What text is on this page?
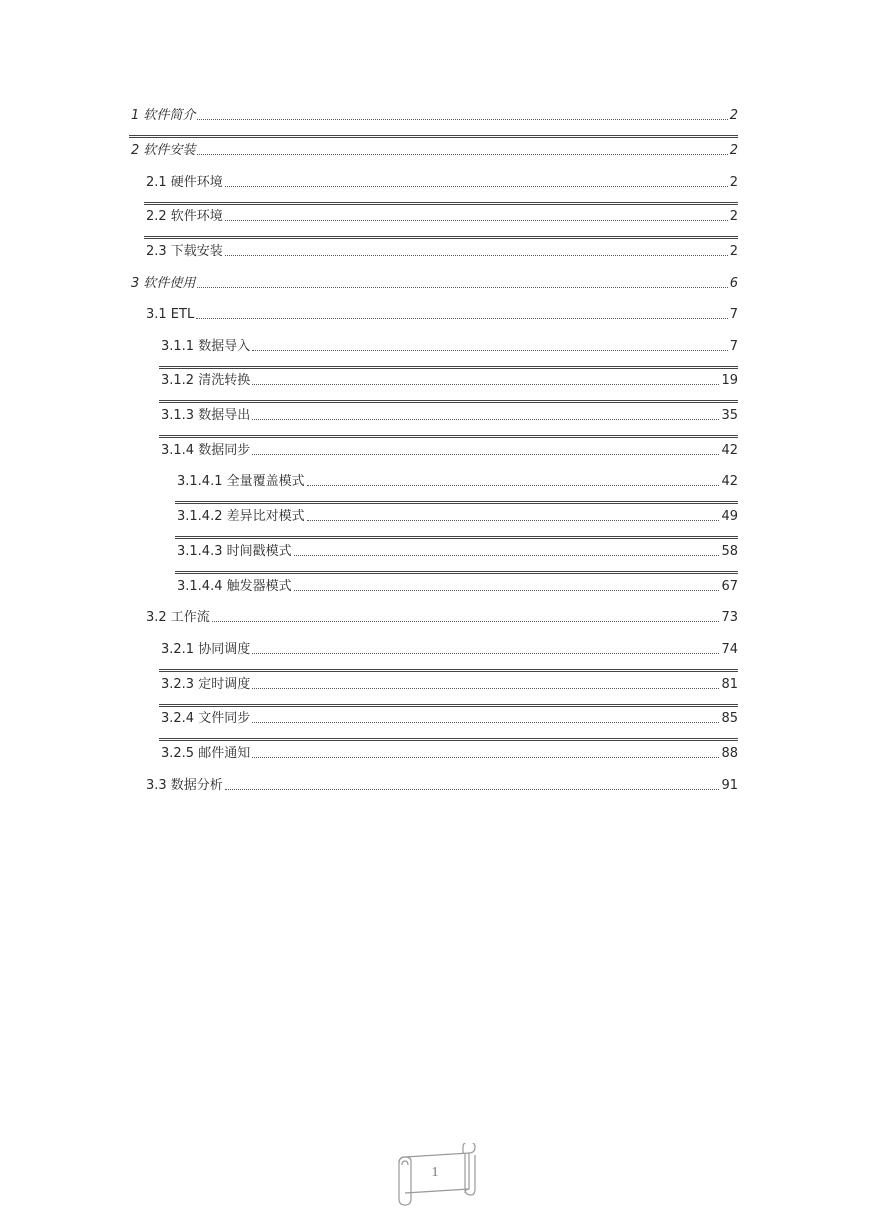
1 软件简介	2
2 软件安装	2
2.1 硬件环境	2
2.2 软件环境	2
2.3 下载安装	2
3 软件使用	6
3.1 ETL	7
3.1.1 数据导入	7
3.1.2 清洗转换	19
3.1.3 数据导出	35
3.1.4 数据同步	42
3.1.4.1 全量覆盖模式	42
3.1.4.2 差异比对模式	49
3.1.4.3 时间戳模式	58
3.1.4.4 触发器模式	67
3.2 工作流	73
3.2.1 协同调度	74
3.2.3 定时调度	81
3.2.4 文件同步	85
3.2.5 邮件通知	88
3.3 数据分析	91
1
